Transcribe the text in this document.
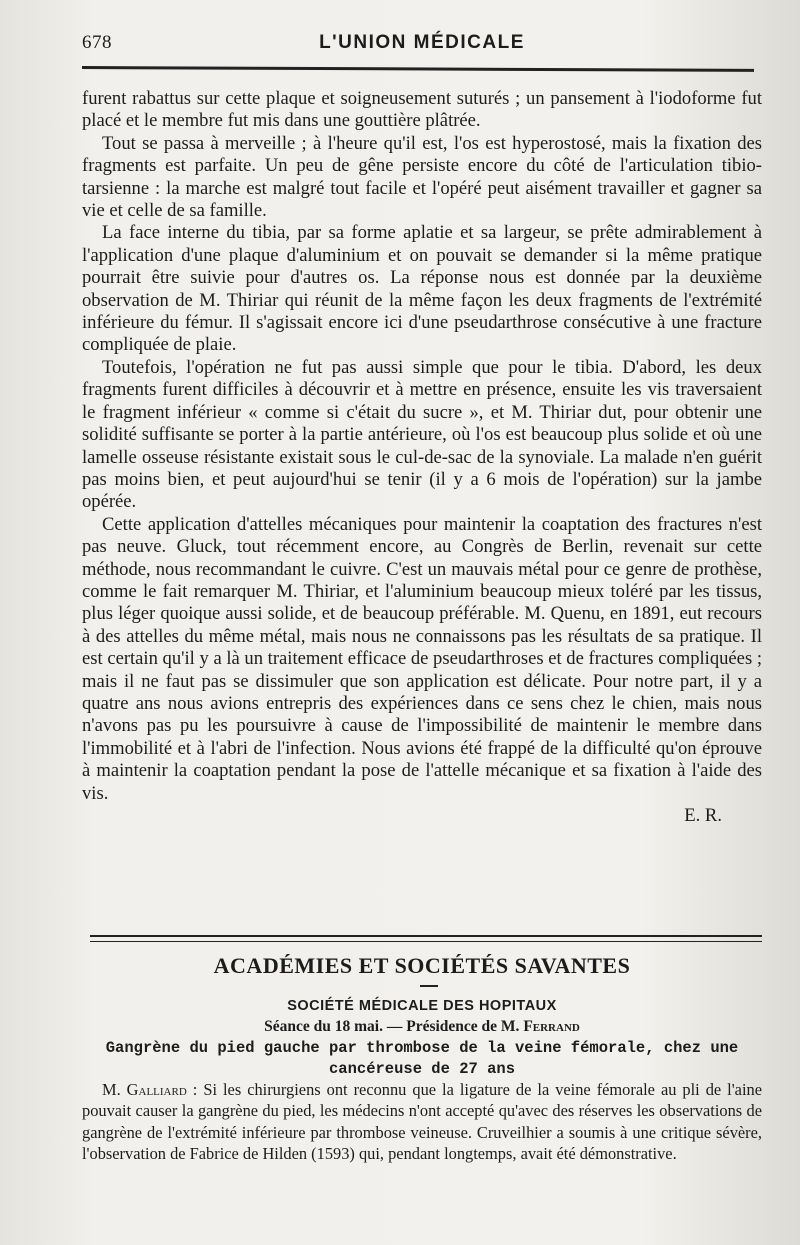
678	L'UNION MÉDICALE

furent rabattus sur cette plaque et soigneusement suturés ; un pansement à l'iodoforme fut placé et le membre fut mis dans une gouttière plâtrée.

Tout se passa à merveille ; à l'heure qu'il est, l'os est hyperostosé, mais la fixation des fragments est parfaite. Un peu de gêne persiste encore du côté de l'articulation tibio-tarsienne : la marche est malgré tout facile et l'opéré peut aisément travailler et gagner sa vie et celle de sa famille.

La face interne du tibia, par sa forme aplatie et sa largeur, se prête admirablement à l'application d'une plaque d'aluminium et on pouvait se demander si la même pratique pourrait être suivie pour d'autres os. La réponse nous est donnée par la deuxième observation de M. Thiriar qui réunit de la même façon les deux fragments de l'extrémité inférieure du fémur. Il s'agissait encore ici d'une pseudarthrose consécutive à une fracture compliquée de plaie.

Toutefois, l'opération ne fut pas aussi simple que pour le tibia. D'abord, les deux fragments furent difficiles à découvrir et à mettre en présence, ensuite les vis traversaient le fragment inférieur « comme si c'était du sucre », et M. Thiriar dut, pour obtenir une solidité suffisante se porter à la partie antérieure, où l'os est beaucoup plus solide et où une lamelle osseuse résistante existait sous le cul-de-sac de la synoviale. La malade n'en guérit pas moins bien, et peut aujourd'hui se tenir (il y a 6 mois de l'opération) sur la jambe opérée.

Cette application d'attelles mécaniques pour maintenir la coaptation des fractures n'est pas neuve. Gluck, tout récemment encore, au Congrès de Berlin, revenait sur cette méthode, nous recommandant le cuivre. C'est un mauvais métal pour ce genre de prothèse, comme le fait remarquer M. Thiriar, et l'aluminium beaucoup mieux toléré par les tissus, plus léger quoique aussi solide, et de beaucoup préférable. M. Quenu, en 1891, eut recours à des attelles du même métal, mais nous ne connaissons pas les résultats de sa pratique. Il est certain qu'il y a là un traitement efficace de pseudarthroses et de fractures compliquées ; mais il ne faut pas se dissimuler que son application est délicate. Pour notre part, il y a quatre ans nous avions entrepris des expériences dans ce sens chez le chien, mais nous n'avons pas pu les poursuivre à cause de l'impossibilité de maintenir le membre dans l'immobilité et à l'abri de l'infection. Nous avions été frappé de la difficulté qu'on éprouve à maintenir la coaptation pendant la pose de l'attelle mécanique et sa fixation à l'aide des vis.

E. R.
ACADÉMIES ET SOCIÉTÉS SAVANTES
SOCIÉTÉ MÉDICALE DES HOPITAUX
Séance du 18 mai. — Présidence de M. Ferrand
Gangrène du pied gauche par thrombose de la veine fémorale, chez une cancéreuse de 27 ans

M. Galliard : Si les chirurgiens ont reconnu que la ligature de la veine fémorale au pli de l'aine pouvait causer la gangrène du pied, les médecins n'ont accepté qu'avec des réserves les observations de gangrène de l'extrémité inférieure par thrombose veineuse. Cruveilhier a soumis à une critique sévère, l'observation de Fabrice de Hilden (1593) qui, pendant longtemps, avait été démonstrative.
